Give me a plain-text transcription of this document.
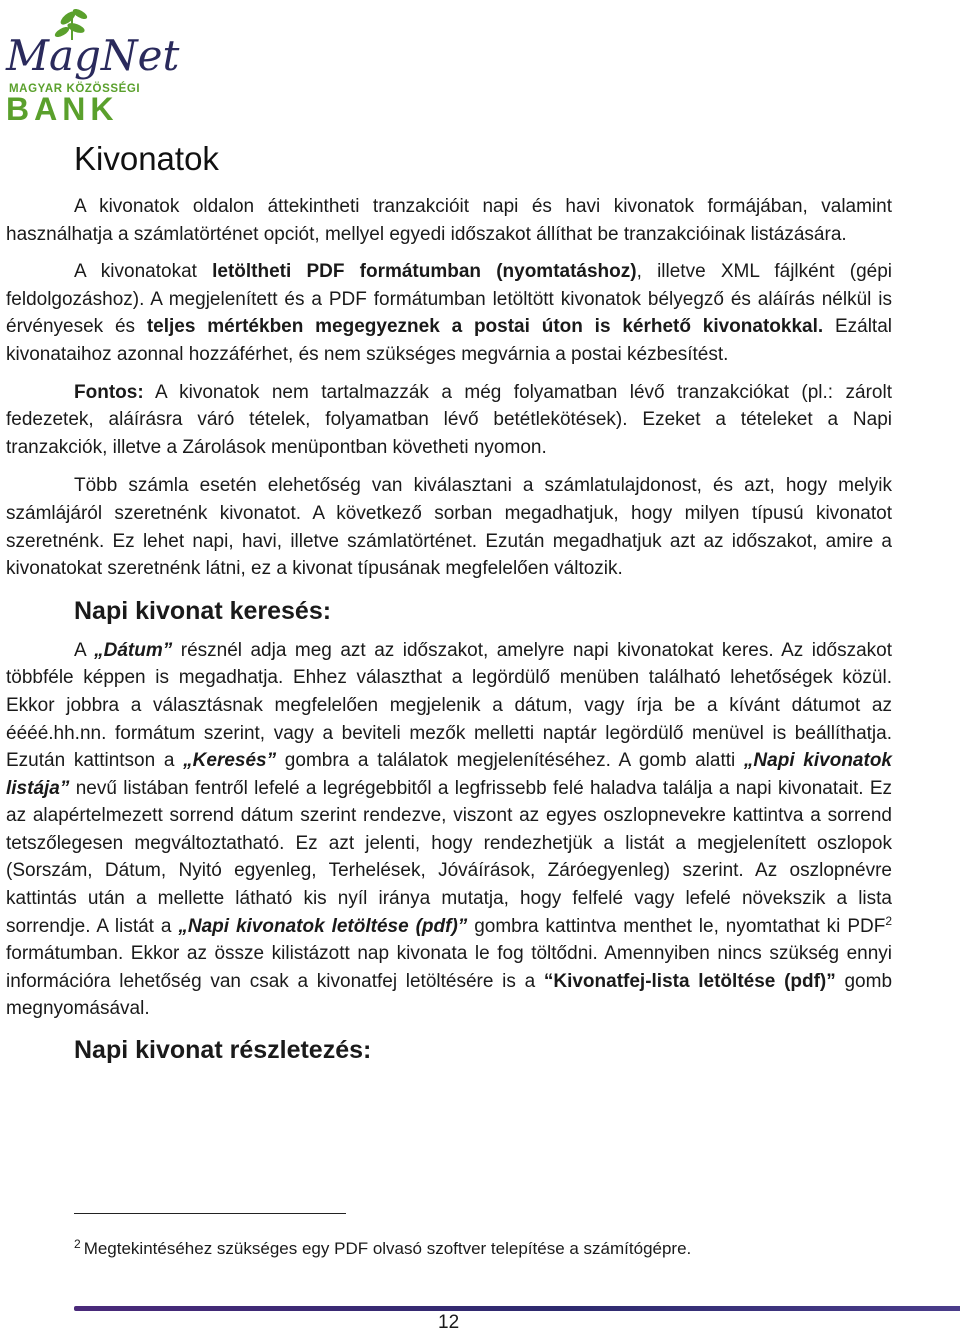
MagNet
MAGYAR KÖZÖSSÉGI
BANK
Kivonatok

A kivonatok oldalon áttekintheti tranzakcióit napi és havi kivonatok formájában, valamint használhatja a számlatörténet opciót, mellyel egyedi időszakot állíthat be tranzakcióinak listázására.

A kivonatokat letöltheti PDF formátumban (nyomtatáshoz), illetve XML fájlként (gépi feldolgozáshoz). A megjelenített és a PDF formátumban letöltött kivonatok bélyegző és aláírás nélkül is érvényesek és teljes mértékben megegyeznek a postai úton is kérhető kivonatokkal. Ezáltal kivonataihoz azonnal hozzáférhet, és nem szükséges megvárnia a postai kézbesítést.

Fontos: A kivonatok nem tartalmazzák a még folyamatban lévő tranzakciókat (pl.: zárolt fedezetek, aláírásra váró tételek, folyamatban lévő betétlekötések). Ezeket a tételeket a Napi tranzakciók, illetve a Zárolások menüpontban követheti nyomon.

Több számla esetén elehetőség van kiválasztani a számlatulajdonost, és azt, hogy melyik számlájáról szeretnénk kivonatot. A következő sorban megadhatjuk, hogy milyen típusú kivonatot szeretnénk. Ez lehet napi, havi, illetve számlatörténet. Ezután megadhatjuk azt az időszakot, amire a kivonatokat szeretnénk látni, ez a kivonat típusának megfelelően változik.

Napi kivonat keresés:

A „Dátum” résznél adja meg azt az időszakot, amelyre napi kivonatokat keres. Az időszakot többféle képpen is megadhatja. Ehhez választhat a legördülő menüben található lehetőségek közül. Ekkor jobbra a választásnak megfelelően megjelenik a dátum, vagy írja be a kívánt dátumot az éééé.hh.nn. formátum szerint, vagy a beviteli mezők melletti naptár legördülő menüvel is beállíthatja. Ezután kattintson a „Keresés” gombra a találatok megjelenítéséhez. A gomb alatti „Napi kivonatok listája” nevű listában fentről lefelé a legrégebbitől a legfrissebb felé haladva találja a napi kivonatait. Ez az alapértelmezett sorrend dátum szerint rendezve, viszont az egyes oszlopnevekre kattintva a sorrend tetszőlegesen megváltoztatható. Ez azt jelenti, hogy rendezhetjük a listát a megjelenített oszlopok (Sorszám, Dátum, Nyitó egyenleg, Terhelések, Jóváírások, Záróegyenleg) szerint. Az oszlopnévre kattintás után a mellette látható kis nyíl iránya mutatja, hogy felfelé vagy lefelé növekszik a lista sorrendje. A listát a „Napi kivonatok letöltése (pdf)” gombra kattintva menthet le, nyomtathat ki PDF$^2$ formátumban. Ekkor az össze kilistázott nap kivonata le fog töltődni. Amennyiben nincs szükség ennyi információra lehetőség van csak a kivonatfej letöltésére is a “Kivonatfej-lista letöltése (pdf)” gomb megnyomásával.

Napi kivonat részletezés:
$^2$ Megtekintéséhez szükséges egy PDF olvasó szoftver telepítése a számítógépre.
12
